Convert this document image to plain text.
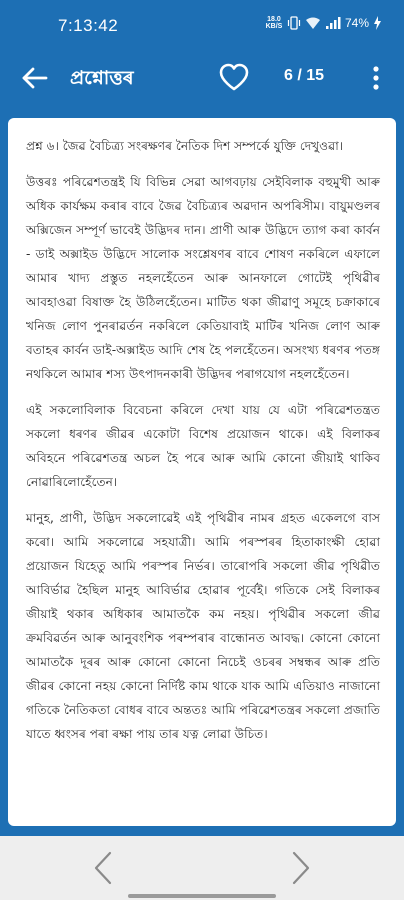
7:13:42	18.0
KB/S	74%
প্ৰশ্নোত্তৰ	6 / 15

প্ৰশ্ন ৬। জৈৱ বৈচিত্ৰ্য সংৰক্ষণৰ নৈতিক দিশ সম্পৰ্কে যুক্তি দেখুওৱা।

উত্তৰঃ পৰিৱেশতন্ত্ৰই যি বিভিন্ন সেৱা আগবঢ়ায় সেইবিলাক বহুমুখী আৰু অধিক কাৰ্যক্ষম কৰাৰ বাবে জৈৱ বৈচিত্ৰ্যৰ অৱদান অপৰিসীম। বায়ুমণ্ডলৰ অক্সিজেন সম্পূৰ্ণ ভাবেই উদ্ভিদৰ দান। প্ৰাণী আৰু উদ্ভিদে ত্যাগ কৰা কাৰ্বন - ডাই অক্সাইড উদ্ভিদে সালোক সংশ্লেষণৰ বাবে শোষণ নকৰিলে এফালে আমাৰ খাদ্য প্ৰস্তুত নহলহেঁতেন আৰু আনফালে গোটেই পৃথিৱীৰ আবহাওৱা বিষাক্ত হৈ উঠিলহেঁতেন। মাটিত থকা জীৱাণু সমূহে চক্ৰাকাৰে খনিজ লোণ পুনৰাৱৰ্তন নকৰিলে কেতিয়াবাই মাটিৰ খনিজ লোণ আৰু বতাহৰ কাৰ্বন ডাই-অক্সাইড আদি শেষ হৈ পলহেঁতেন। অসংখ্য ধৰণৰ পতঙ্গ নথকিলে আমাৰ শস্য উৎপাদনকাৰী উদ্ভিদৰ পৰাগযোগ নহলহেঁতেন।

এই সকলোবিলাক বিবেচনা কৰিলে দেখা যায় যে এটা পৰিৱেশতন্ত্ৰত সকলো ধৰণৰ জীৱৰ একোটা বিশেষ প্ৰয়োজন থাকে। এই বিলাকৰ অবিহনে পৰিৱেশতন্ত্ৰ অচল হৈ পৰে আৰু আমি কোনো জীয়াই থাকিব নোৱাৰিলোহেঁতেন।

মানুহ, প্ৰাণী, উদ্ভিদ সকলোৱেই এই পৃথিৱীৰ নামৰ গ্ৰহত একেলগে বাস কৰো। আমি সকলোৱে সহযাত্ৰী। আমি পৰস্পৰৰ হিতাকাংক্ষী হোৱা প্ৰয়োজন যিহেতু আমি পৰস্পৰ নিৰ্ভৰ। তাৰোপৰি সকলো জীৱ পৃথিৱীত আবিৰ্ভাৱ হৈছিল মানুহ আবিৰ্ভাৱ হোৱাৰ পূৰ্বেই। গতিকে সেই বিলাকৰ জীয়াই থকাৰ অধিকাৰ আমাতকৈ কম নহয়। পৃথিৱীৰ সকলো জীৱ ক্ৰমবিৱৰ্তন আৰু আনুবংশিক পৰম্পৰাৰ বান্ধোনত আবদ্ধ। কোনো কোনো আমাতকৈ দূৰৰ আৰু কোনো কোনো নিচেই ওচৰৰ সম্বন্ধৰ আৰু প্ৰতি জীৱৰ কোনো নহয় কোনো নিৰ্দিষ্ট কাম থাকে যাক আমি এতিয়াও নাজানো গতিকে নৈতিকতা বোধৰ বাবে অন্ততঃ আমি পৰিৱেশতন্ত্ৰৰ সকলো প্ৰজাতি যাতে ধ্বংসৰ পৰা ৰক্ষা পায় তাৰ যত্ন লোৱা উচিত।
